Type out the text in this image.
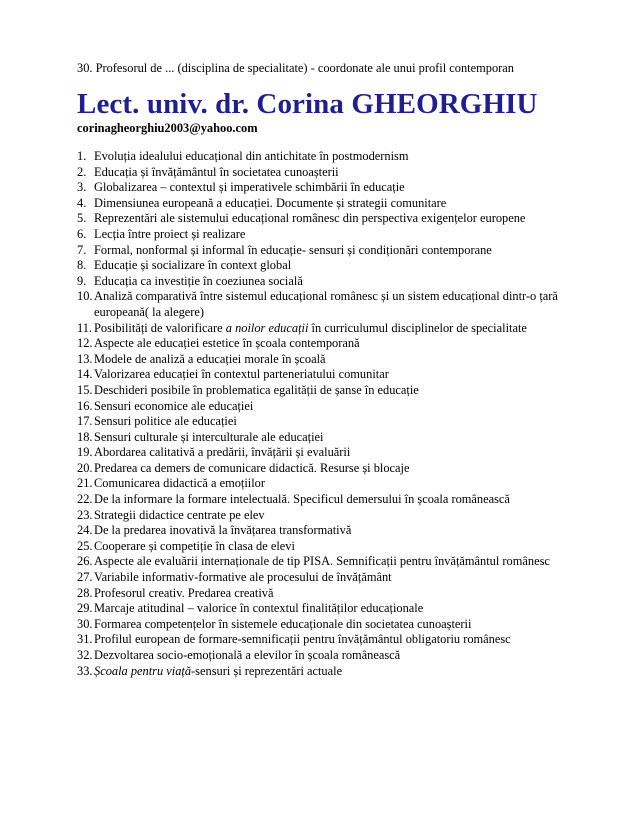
30. Profesorul de ... (disciplina de specialitate) - coordonate ale unui profil contemporan
Lect. univ. dr. Corina GHEORGHIU
corinagheorghiu2003@yahoo.com
1. Evoluția idealului educațional din antichitate în postmodernism
2. Educația și învățământul în societatea cunoașterii
3. Globalizarea – contextul și imperativele schimbării în educație
4. Dimensiunea europeană a educației. Documente și strategii comunitare
5. Reprezentări ale sistemului educațional românesc din perspectiva exigențelor europene
6. Lecția între proiect și realizare
7. Formal, nonformal și informal în educație- sensuri și condiționări contemporane
8. Educație și socializare în context global
9. Educația ca investiție în coeziunea socială
10. Analiză comparativă între sistemul educațional românesc și un sistem educațional dintr-o țară europeană( la alegere)
11. Posibilități de valorificare a noilor educații în curriculumul disciplinelor de specialitate
12. Aspecte ale educației estetice în școala contemporană
13. Modele de analiză a educației morale în școală
14. Valorizarea educației în contextul parteneriatului comunitar
15. Deschideri posibile în problematica egalității de șanse în educație
16. Sensuri economice ale educației
17. Sensuri politice ale educației
18. Sensuri culturale și interculturale ale educației
19. Abordarea calitativă a predării, învățării și evaluării
20. Predarea ca demers de comunicare didactică. Resurse și blocaje
21. Comunicarea didactică a emoțiilor
22. De la informare la formare intelectuală. Specificul demersului în școala românească
23. Strategii didactice centrate pe elev
24. De la predarea inovativă la învățarea transformativă
25. Cooperare și competiție în clasa de elevi
26. Aspecte ale evaluării internaționale de tip PISA. Semnificații pentru învățământul românesc
27. Variabile informativ-formative ale procesului de învățământ
28. Profesorul creativ. Predarea creativă
29. Marcaje atitudinal – valorice în contextul finalităților educaționale
30. Formarea competențelor în sistemele educaționale din societatea cunoașterii
31. Profilul european de formare-semnificații pentru învățământul obligatoriu românesc
32. Dezvoltarea socio-emoțională a elevilor în școala românească
33. Școala pentru viață-sensuri și reprezentări actuale
